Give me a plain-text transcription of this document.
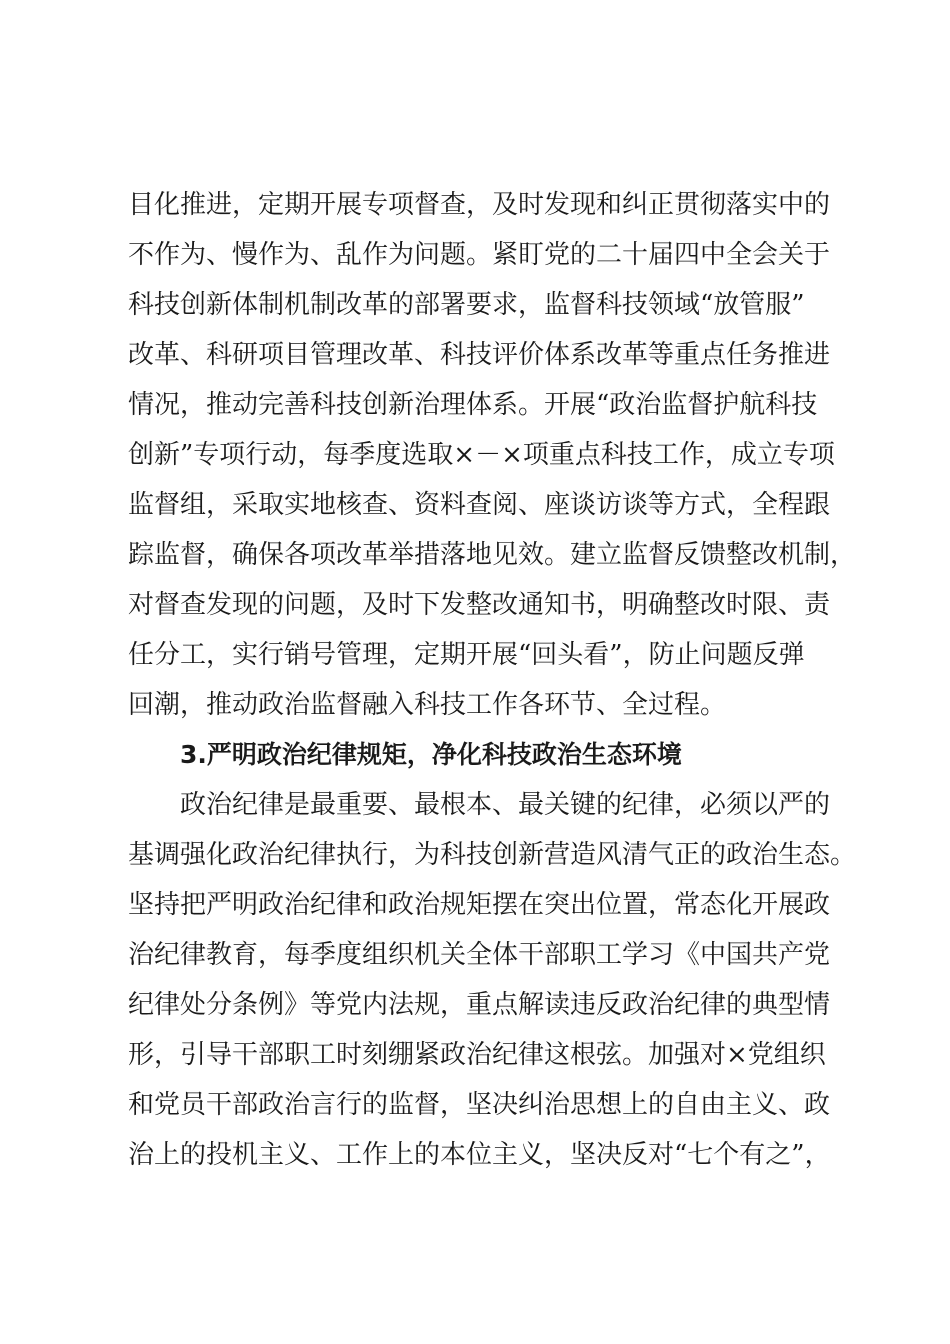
目化推进，定期开展专项督查，及时发现和纠正贯彻落实中的
不作为、慢作为、乱作为问题。紧盯党的二十届四中全会关于
科技创新体制机制改革的部署要求，监督科技领域“放管服”
改革、科研项目管理改革、科技评价体系改革等重点任务推进
情况，推动完善科技创新治理体系。开展“政治监督护航科技
创新”专项行动，每季度选取×－×项重点科技工作，成立专项
监督组，采取实地核查、资料查阅、座谈访谈等方式，全程跟
踪监督，确保各项改革举措落地见效。建立监督反馈整改机制，
对督查发现的问题，及时下发整改通知书，明确整改时限、责
任分工，实行销号管理，定期开展“回头看”，防止问题反弹
回潮，推动政治监督融入科技工作各环节、全过程。
3.严明政治纪律规矩，净化科技政治生态环境
政治纪律是最重要、最根本、最关键的纪律，必须以严的
基调强化政治纪律执行，为科技创新营造风清气正的政治生态。
坚持把严明政治纪律和政治规矩摆在突出位置，常态化开展政
治纪律教育，每季度组织机关全体干部职工学习《中国共产党
纪律处分条例》等党内法规，重点解读违反政治纪律的典型情
形，引导干部职工时刻绷紧政治纪律这根弦。加强对×党组织
和党员干部政治言行的监督，坚决纠治思想上的自由主义、政
治上的投机主义、工作上的本位主义，坚决反对“七个有之”，
